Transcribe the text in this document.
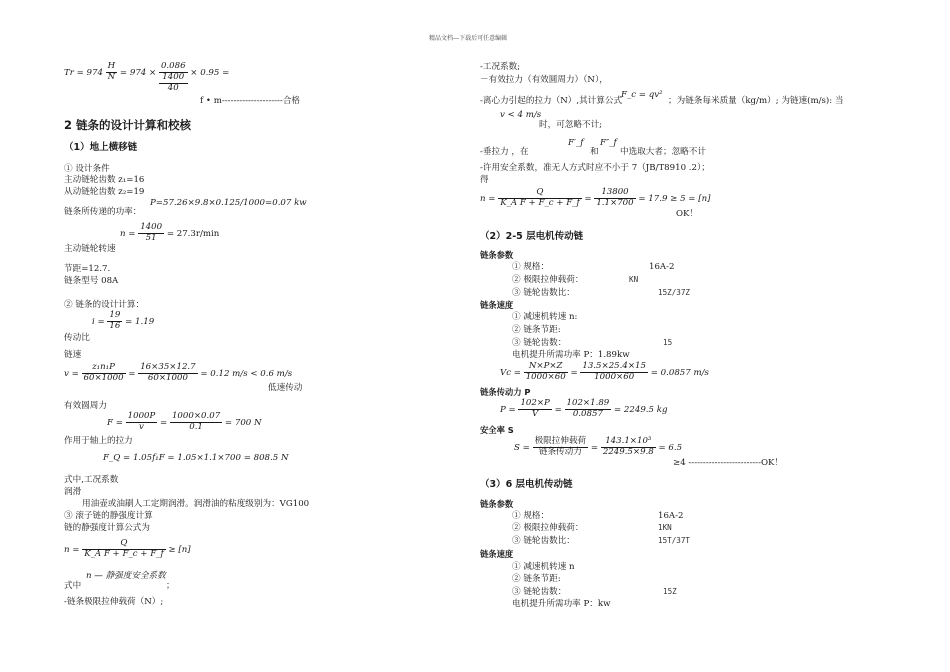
精品文档---下载后可任意编辑
$Tr = 974 \frac{H}{N} = 974$ ×
0.086
1400
40
× 0.95 =
f • m---------------------合格
2 链条的设计计算和校核
（1）地上横移链
① 设计条件
主动链轮齿数 z₁=16
从动链轮齿数 z₂=19
P=57.26×9.8×0.125/1000=0.07 kw
链条所传递的功率：
$n = \frac{1400}{51} = 27.3r/\min$
主动链轮转速
节距=12.7.
链条型号 08A
② 链条的设计计算：
$i = \frac{19}{16} = 1.19$
传动比
链速
$v = \frac{\text{z₁n₁P}}{60\times 1000} = \frac{16\times 35\times 12.7}{60\times 1000} = 0.12$ m/s < 0.6 m/s
低速传动
有效圆周力
$F = \frac{1000P}{v} = \frac{1000\times 0.07}{0.1} = 700$ N
作用于轴上的拉力
F_Q = 1.05f₁F = 1.05×1.1×700 = 808.5 N
式中,工况系数
润滑
用油壶或油刷人工定期润滑。润滑油的粘度级别为：VG100
③ 滚子链的静强度计算
链的静强度计算公式为
$n = \frac{Q}{\text{K\_A F + F\_c + F\_f}} \ge [n]$
式中
n — 静强度安全系数
；
-链条极限拉伸载荷（N）;
-工况系数;
－有效拉力（有效圆周力）（N），
-离心力引起的拉力（N）,其计算公式
F_c = qv²
；为链条每米质量（kg/m）; 为链速(m/s): 当
v < 4 m/s
时，可忽略不计;
-垂拉力 ，在
F′_f
和
F″_f
中选取大者；忽略不计
-许用安全系数，准无人方式时应不小于 7（JB/T8910 .2）；
得
$n = \frac{Q}{\text{K\_A F + F\_c + F\_f}} = \frac{13800}{1.1\times 700} = 17.9 \ge 5 = [n]$
OK！
（2）2-5 层电机传动链
链条参数
① 规格：	16A-2
② 极限拉伸载荷：	KN
③ 链轮齿数比：	15Z/37Z
链条速度
① 减速机转速 n:
② 链条节距:
③ 链轮齿数：	15
电机提升所需功率 P：1.89kw
$Vc = \frac{N\times P\times Z}{1000\times 60} = \frac{13.5\times 25.4\times 15}{1000\times 60} = 0.0857$ m/s
链条传动力 P
$P = \frac{102\times P}{V} = \frac{102\times 1.89}{0.0857} = 2249.5$ kg
安全率 S
$S = \frac{\text{极限拉伸载荷}}{\text{链条传动力}} = \frac{\text{143.1×10³}}{2249.5\times 9.8} = 6.5$
≥4 -------------------------OK！
（3）6 层电机传动链
链条参数
① 规格：	16A-2
② 极限拉伸载荷：	1KN
③ 链轮齿数比：	15T/37T
链条速度
① 减速机转速 n
② 链条节距:
③ 链轮齿数：	15Z
电机提升所需功率 P：kw
